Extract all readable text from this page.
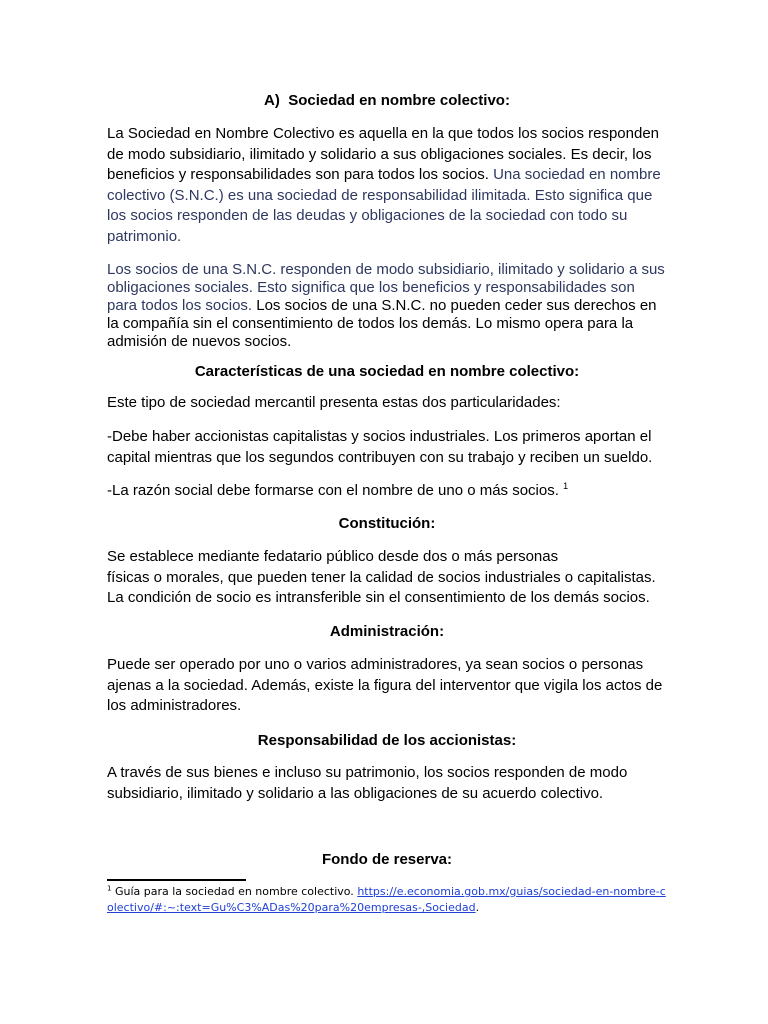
A) Sociedad en nombre colectivo:

La Sociedad en Nombre Colectivo es aquella en la que todos los socios responden de modo subsidiario, ilimitado y solidario a sus obligaciones sociales. Es decir, los beneficios y responsabilidades son para todos los socios. Una sociedad en nombre colectivo (S.N.C.) es una sociedad de responsabilidad ilimitada. Esto significa que los socios responden de las deudas y obligaciones de la sociedad con todo su patrimonio.

Los socios de una S.N.C. responden de modo subsidiario, ilimitado y solidario a sus obligaciones sociales. Esto significa que los beneficios y responsabilidades son para todos los socios. Los socios de una S.N.C. no pueden ceder sus derechos en la compañía sin el consentimiento de todos los demás. Lo mismo opera para la admisión de nuevos socios.

Características de una sociedad en nombre colectivo:

Este tipo de sociedad mercantil presenta estas dos particularidades:

-Debe haber accionistas capitalistas y socios industriales. Los primeros aportan el capital mientras que los segundos contribuyen con su trabajo y reciben un sueldo.

-La razón social debe formarse con el nombre de uno o más socios. $^1$

Constitución:

Se establece mediante fedatario público desde dos o más personas
físicas o morales, que pueden tener la calidad de socios industriales o capitalistas. La condición de socio es intransferible sin el consentimiento de los demás socios.

Administración:

Puede ser operado por uno o varios administradores, ya sean socios o personas ajenas a la sociedad. Además, existe la figura del interventor que vigila los actos de los administradores.

Responsabilidad de los accionistas:

A través de sus bienes e incluso su patrimonio, los socios responden de modo subsidiario, ilimitado y solidario a las obligaciones de su acuerdo colectivo.

Fondo de reserva:

$^1$ Guía para la sociedad en nombre colectivo. https://e.economia.gob.mx/guias/sociedad-en-nombre-colectivo/#:~:text=Gu%C3%ADas%20para%20empresas-,Sociedad.
